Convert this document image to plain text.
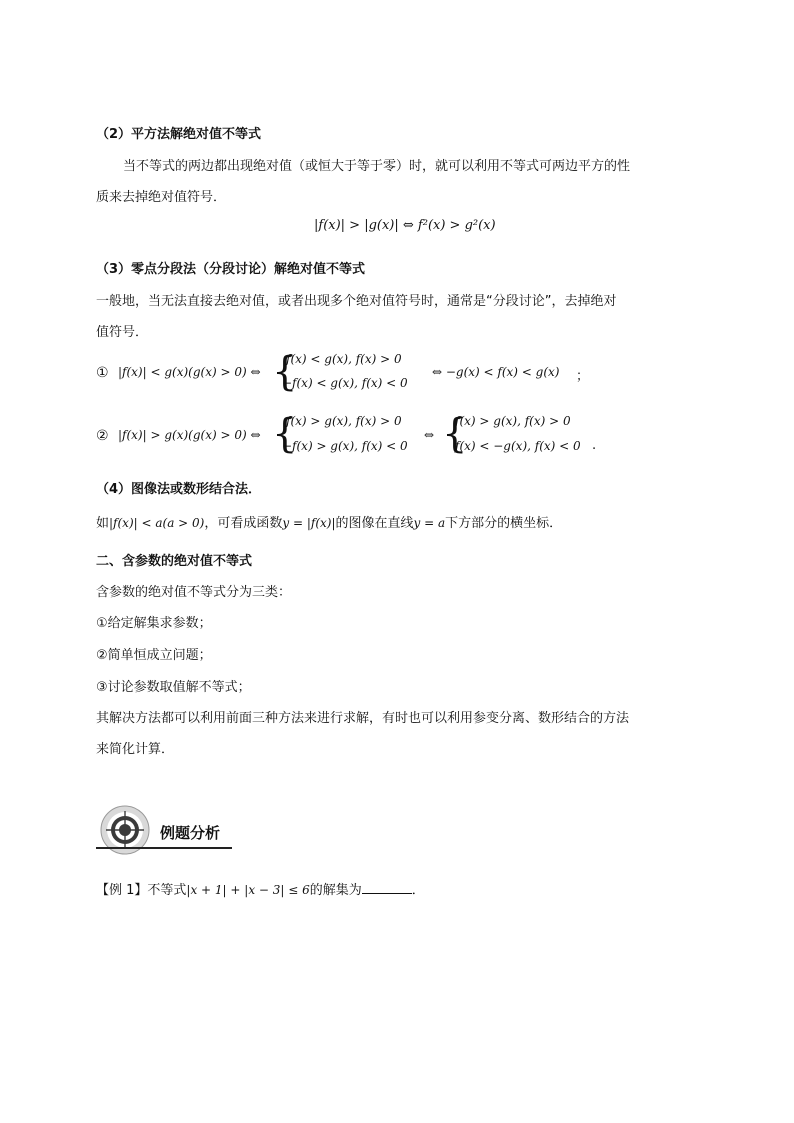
（2）平方法解绝对值不等式
当不等式的两边都出现绝对值（或恒大于等于零）时，就可以利用不等式可两边平方的性
质来去掉绝对值符号．
|f(x)| > |g(x)| ⇔ f²(x) > g²(x)
（3）零点分段法（分段讨论）解绝对值不等式
一般地，当无法直接去绝对值，或者出现多个绝对值符号时，通常是“分段讨论”，去掉绝对
值符号．
① |f(x)| < g(x)(g(x) > 0) ⇔ {
f(x) < g(x), f(x) > 0
−f(x) < g(x), f(x) < 0
⇔ −g(x) < f(x) < g(x) ；
② |f(x)| > g(x)(g(x) > 0) ⇔ {
f(x) > g(x), f(x) > 0
−f(x) > g(x), f(x) < 0
⇔ {
f(x) > g(x), f(x) > 0
f(x) < −g(x), f(x) < 0 .
（4）图像法或数形结合法．
如|f(x)| < a(a > 0)，可看成函数y = |f(x)|的图像在直线y = a下方部分的横坐标．
二、含参数的绝对值不等式
含参数的绝对值不等式分为三类：
①给定解集求参数；
②简单恒成立问题；
③讨论参数取值解不等式；
其解决方法都可以利用前面三种方法来进行求解，有时也可以利用参变分离、数形结合的方法
来简化计算．
例题分析
【例 1】不等式|x + 1| + |x − 3| ≤ 6的解集为	．
